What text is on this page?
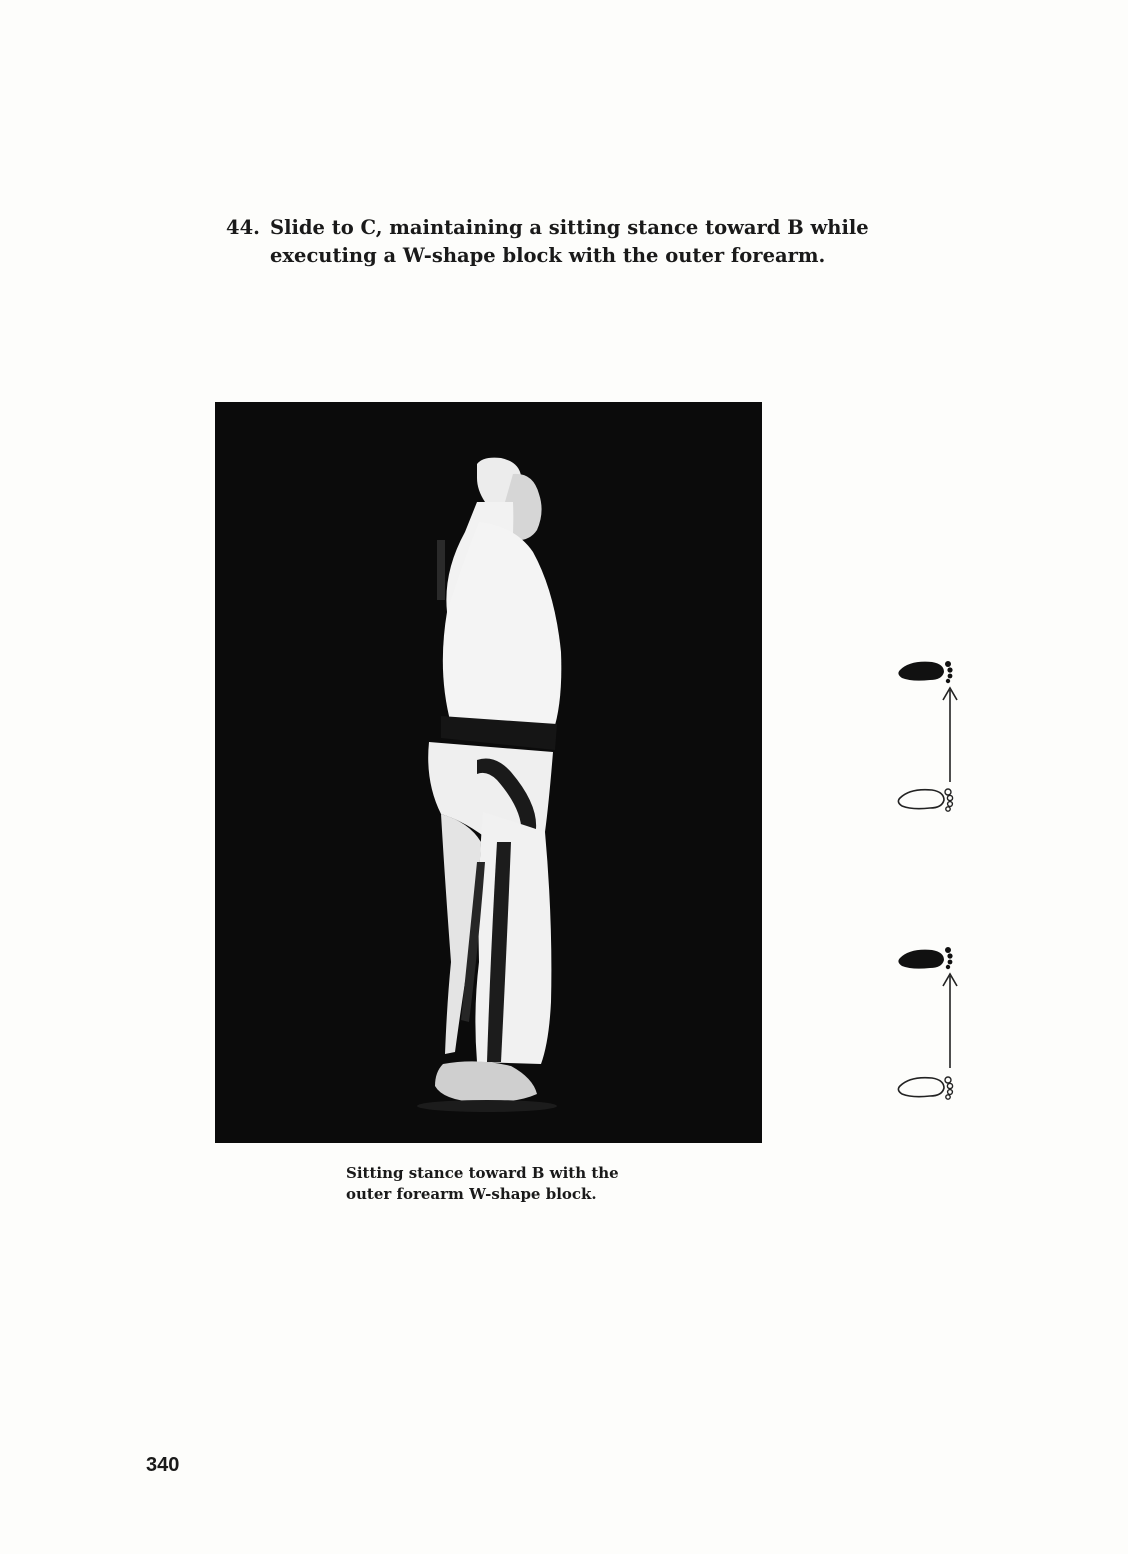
44. Slide to C, maintaining a sitting stance toward B while
executing a W-shape block with the outer forearm.
Sitting stance toward B with the
outer forearm W-shape block.
340
